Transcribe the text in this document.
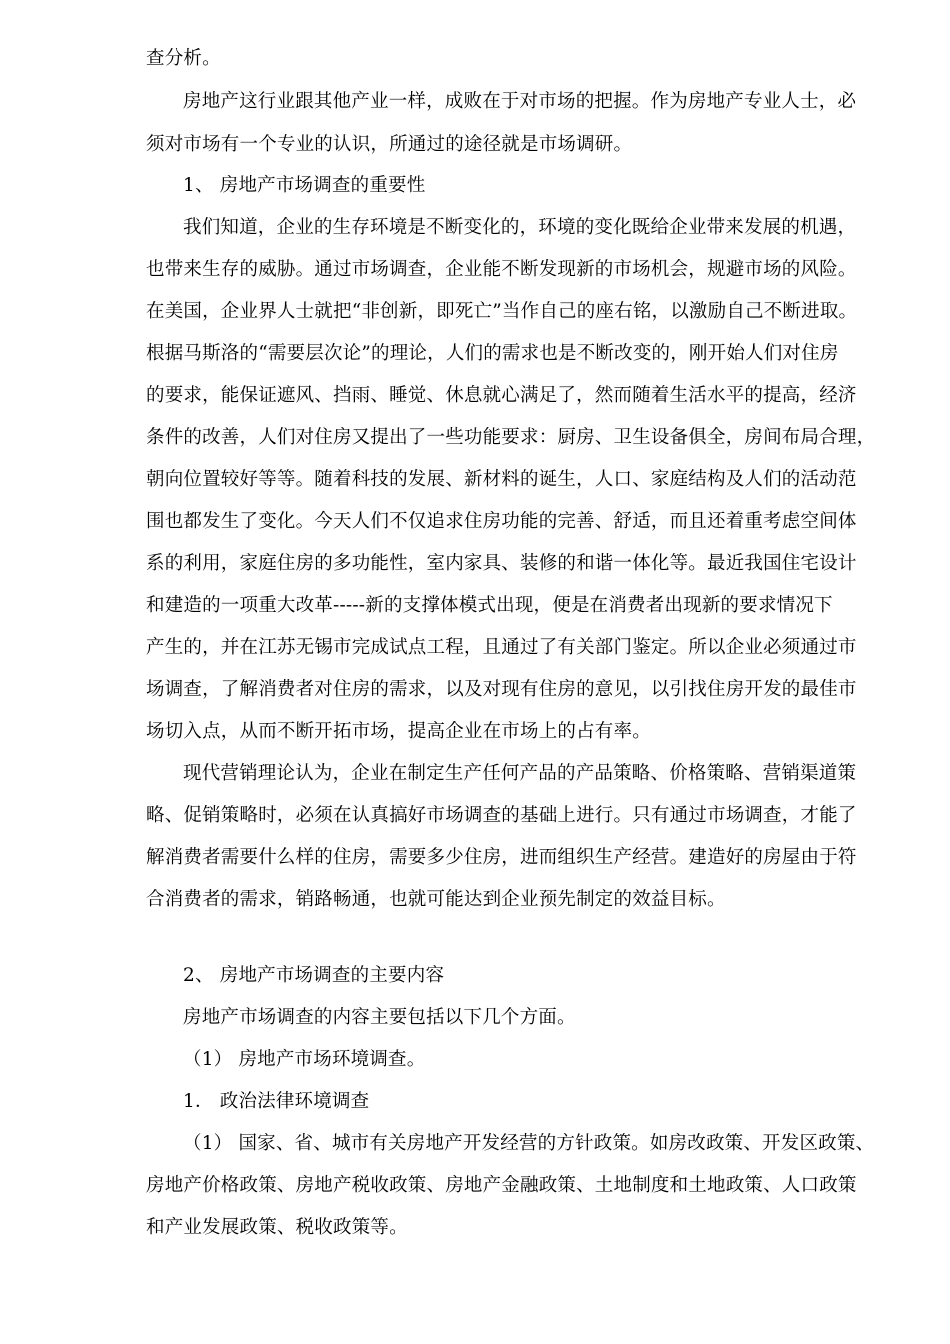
查分析。
房地产这行业跟其他产业一样，成败在于对市场的把握。作为房地产专业人士，必
须对市场有一个专业的认识，所通过的途径就是市场调研。
1、 房地产市场调查的重要性
我们知道，企业的生存环境是不断变化的，环境的变化既给企业带来发展的机遇，
也带来生存的威胁。通过市场调查，企业能不断发现新的市场机会，规避市场的风险。
在美国，企业界人士就把“非创新，即死亡”当作自己的座右铭，以激励自己不断进取。
根据马斯洛的“需要层次论”的理论，人们的需求也是不断改变的，刚开始人们对住房
的要求，能保证遮风、挡雨、睡觉、休息就心满足了，然而随着生活水平的提高，经济
条件的改善，人们对住房又提出了一些功能要求：厨房、卫生设备俱全，房间布局合理，
朝向位置较好等等。随着科技的发展、新材料的诞生，人口、家庭结构及人们的活动范
围也都发生了变化。今天人们不仅追求住房功能的完善、舒适，而且还着重考虑空间体
系的利用，家庭住房的多功能性，室内家具、装修的和谐一体化等。最近我国住宅设计
和建造的一项重大改革-----新的支撑体模式出现，便是在消费者出现新的要求情况下
产生的，并在江苏无锡市完成试点工程，且通过了有关部门鉴定。所以企业必须通过市
场调查，了解消费者对住房的需求，以及对现有住房的意见，以引找住房开发的最佳市
场切入点，从而不断开拓市场，提高企业在市场上的占有率。
现代营销理论认为，企业在制定生产任何产品的产品策略、价格策略、营销渠道策
略、促销策略时，必须在认真搞好市场调查的基础上进行。只有通过市场调查，才能了
解消费者需要什么样的住房，需要多少住房，进而组织生产经营。建造好的房屋由于符
合消费者的需求，销路畅通，也就可能达到企业预先制定的效益目标。
2、 房地产市场调查的主要内容
房地产市场调查的内容主要包括以下几个方面。
（1） 房地产市场环境调查。
1． 政治法律环境调查
（1） 国家、省、城市有关房地产开发经营的方针政策。如房改政策、开发区政策、
房地产价格政策、房地产税收政策、房地产金融政策、土地制度和土地政策、人口政策
和产业发展政策、税收政策等。
